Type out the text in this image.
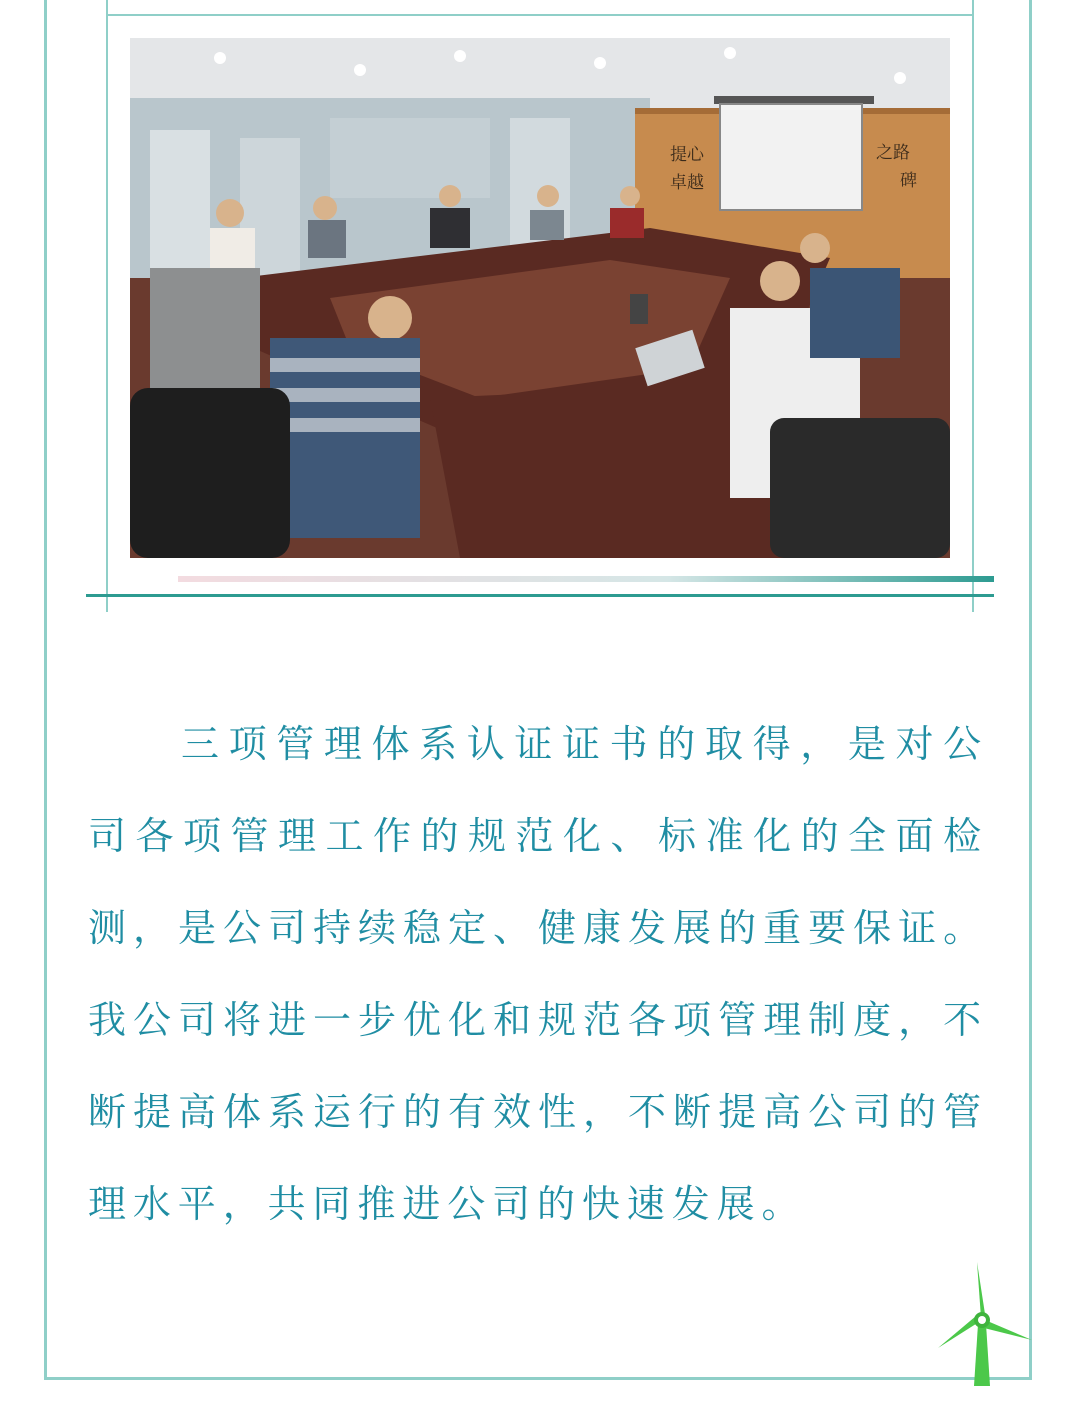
提心
卓越
之路
碑

三项管理体系认证证书的取得，是对公司各项管理工作的规范化、标准化的全面检测，是公司持续稳定、健康发展的重要保证。我公司将进一步优化和规范各项管理制度，不断提高体系运行的有效性，不断提高公司的管理水平，共同推进公司的快速发展。
